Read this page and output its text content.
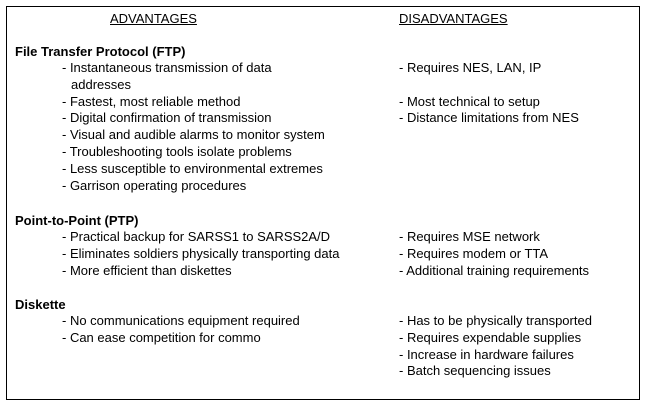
ADVANTAGES	DISADVANTAGES

File Transfer Protocol (FTP)

- Instantaneous transmission of data
addresses
- Fastest, most reliable method
- Digital confirmation of transmission
- Visual and audible alarms to monitor system
- Troubleshooting tools isolate problems
- Less susceptible to environmental extremes
- Garrison operating procedures
- Requires NES, LAN, IP

- Most technical to setup
- Distance limitations from NES

Point-to-Point (PTP)

- Practical backup for SARSS1 to SARSS2A/D
- Eliminates soldiers physically transporting data
- More efficient than diskettes
- Requires MSE network
- Requires modem or TTA
- Additional training requirements

Diskette

- No communications equipment required
- Can ease competition for commo
- Has to be physically transported
- Requires expendable supplies
- Increase in hardware failures
- Batch sequencing issues
